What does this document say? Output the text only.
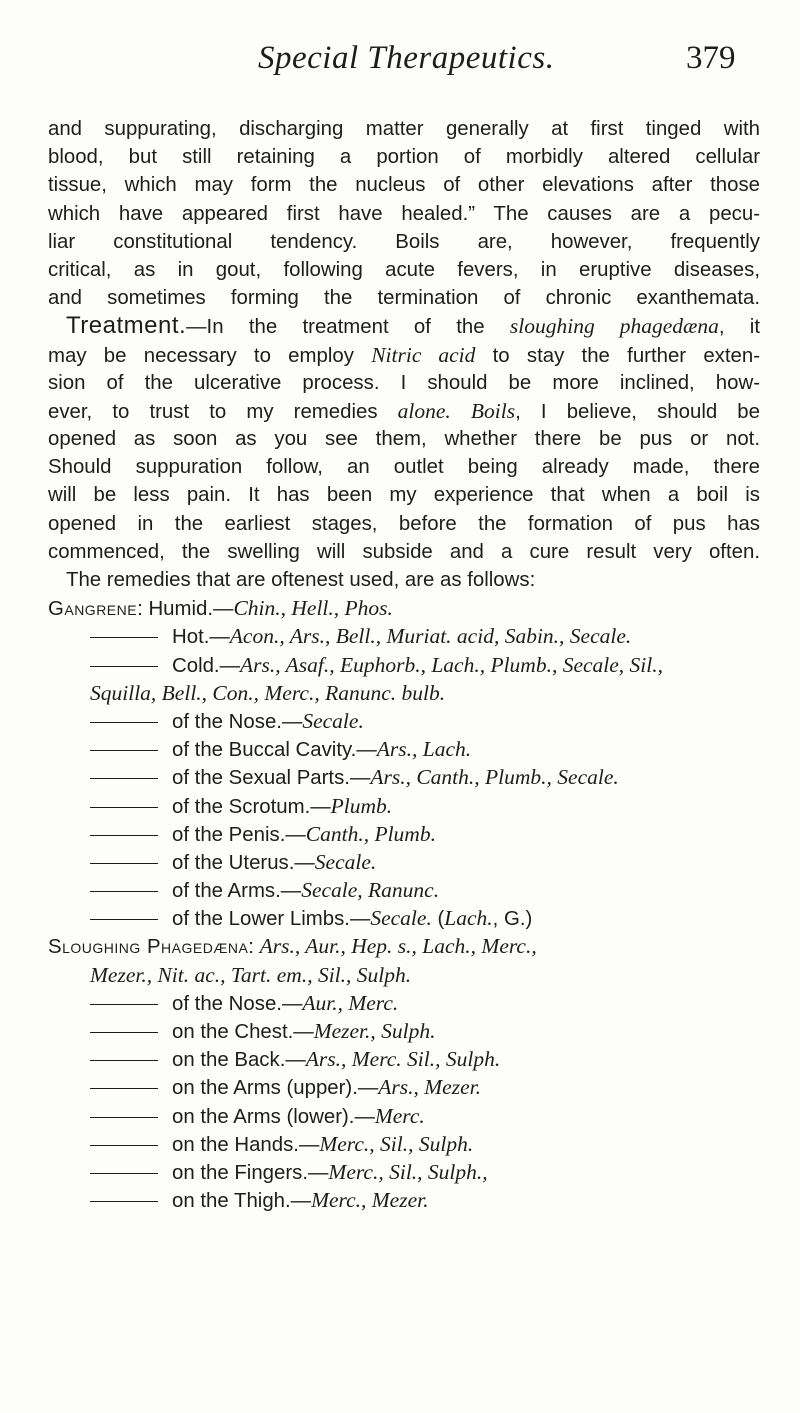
Special Therapeutics.	379
and suppurating, discharging matter generally at first tinged with
blood, but still retaining a portion of morbidly altered cellular
tissue, which may form the nucleus of other elevations after those
which have appeared first have healed.” The causes are a pecu-
liar constitutional tendency. Boils are, however, frequently
critical, as in gout, following acute fevers, in eruptive diseases,
and sometimes forming the termination of chronic exanthemata.
Treatment.—In the treatment of the sloughing phagedæna, it
may be necessary to employ Nitric acid to stay the further exten-
sion of the ulcerative process. I should be more inclined, how-
ever, to trust to my remedies alone. Boils, I believe, should be
opened as soon as you see them, whether there be pus or not.
Should suppuration follow, an outlet being already made, there
will be less pain. It has been my experience that when a boil is
opened in the earliest stages, before the formation of pus has
commenced, the swelling will subside and a cure result very often.
The remedies that are oftenest used, are as follows:
Gangrene: Humid.—Chin., Hell., Phos.
Hot.—Acon., Ars., Bell., Muriat. acid, Sabin., Secale.
Cold.—Ars., Asaf., Euphorb., Lach., Plumb., Secale, Sil.,
Squilla, Bell., Con., Merc., Ranunc. bulb.
of the Nose.—Secale.
of the Buccal Cavity.—Ars., Lach.
of the Sexual Parts.—Ars., Canth., Plumb., Secale.
of the Scrotum.—Plumb.
of the Penis.—Canth., Plumb.
of the Uterus.—Secale.
of the Arms.—Secale, Ranunc.
of the Lower Limbs.—Secale. (Lach., G.)
Sloughing Phagedæna: Ars., Aur., Hep. s., Lach., Merc.,
Mezer., Nit. ac., Tart. em., Sil., Sulph.
of the Nose.—Aur., Merc.
on the Chest.—Mezer., Sulph.
on the Back.—Ars., Merc. Sil., Sulph.
on the Arms (upper).—Ars., Mezer.
on the Arms (lower).—Merc.
on the Hands.—Merc., Sil., Sulph.
on the Fingers.—Merc., Sil., Sulph.,
on the Thigh.—Merc., Mezer.
